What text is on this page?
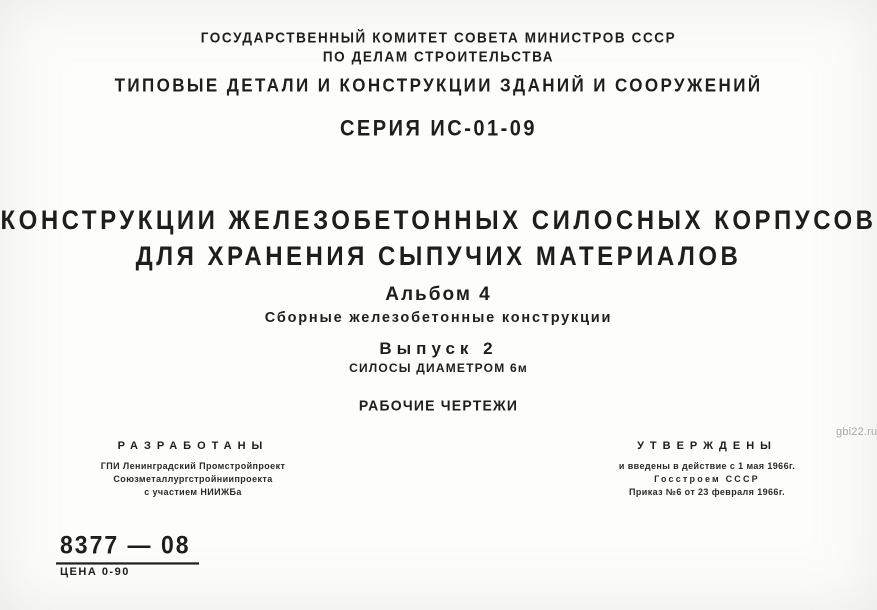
ГОСУДАРСТВЕННЫЙ КОМИТЕТ СОВЕТА МИНИСТРОВ СССР
ПО ДЕЛАМ СТРОИТЕЛЬСТВА
ТИПОВЫЕ ДЕТАЛИ И КОНСТРУКЦИИ ЗДАНИЙ И СООРУЖЕНИЙ
СЕРИЯ ИС-01-09
КОНСТРУКЦИИ ЖЕЛЕЗОБЕТОННЫХ СИЛОСНЫХ КОРПУСОВ
ДЛЯ ХРАНЕНИЯ СЫПУЧИХ МАТЕРИАЛОВ
Альбом 4
Сборные железобетонные конструкции
Выпуск 2
СИЛОСЫ ДИАМЕТРОМ 6м
РАБОЧИЕ ЧЕРТЕЖИ
РАЗРАБОТАНЫ
ГПИ Ленинградский Промстройпроект
Союзметаллургстройниипроекта
с участием НИИЖБа
УТВЕРЖДЕНЫ
и введены в действие с 1 мая 1966г.
Госстроем СССР
Приказ №6 от 23 февраля 1966г.
8377 — 08
ЦЕНА 0-90
gbi22.ru
